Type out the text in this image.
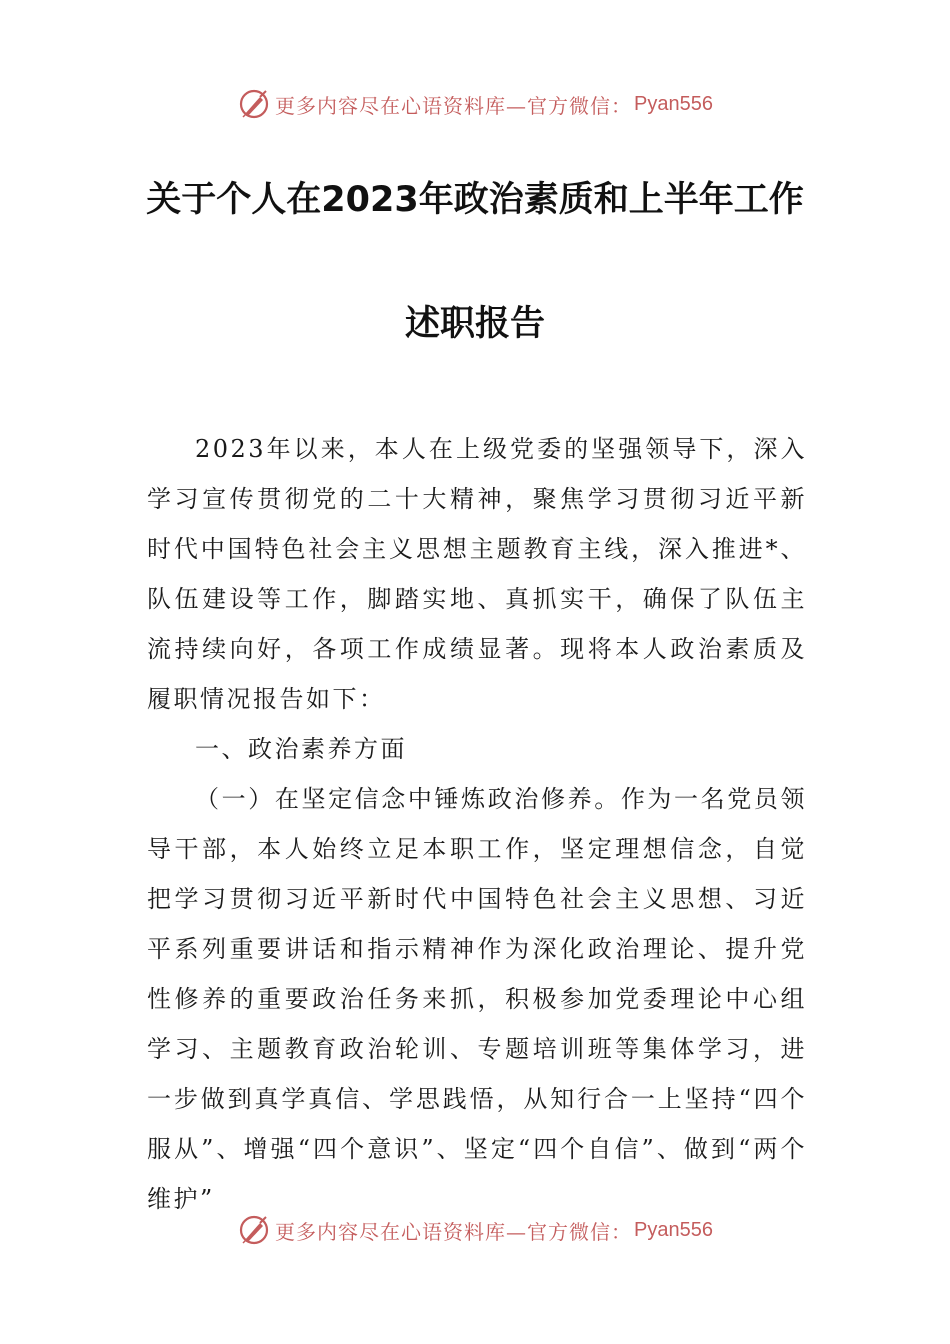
更多内容尽在心语资料库—官方微信： Pyan556
关于个人在2023年政治素质和上半年工作
述职报告

2023年以来，本人在上级党委的坚强领导下，深入学习宣传贯彻党的二十大精神，聚焦学习贯彻习近平新时代中国特色社会主义思想主题教育主线，深入推进*、队伍建设等工作，脚踏实地、真抓实干，确保了队伍主流持续向好，各项工作成绩显著。现将本人政治素质及履职情况报告如下：

一、政治素养方面

（一）在坚定信念中锤炼政治修养。作为一名党员领导干部，本人始终立足本职工作，坚定理想信念，自觉把学习贯彻习近平新时代中国特色社会主义思想、习近平系列重要讲话和指示精神作为深化政治理论、提升党性修养的重要政治任务来抓，积极参加党委理论中心组学习、主题教育政治轮训、专题培训班等集体学习，进一步做到真学真信、学思践悟，从知行合一上坚持“四个服从”、增强“四个意识”、坚定“四个自信”、做到“两个维护”

更多内容尽在心语资料库—官方微信： Pyan556
